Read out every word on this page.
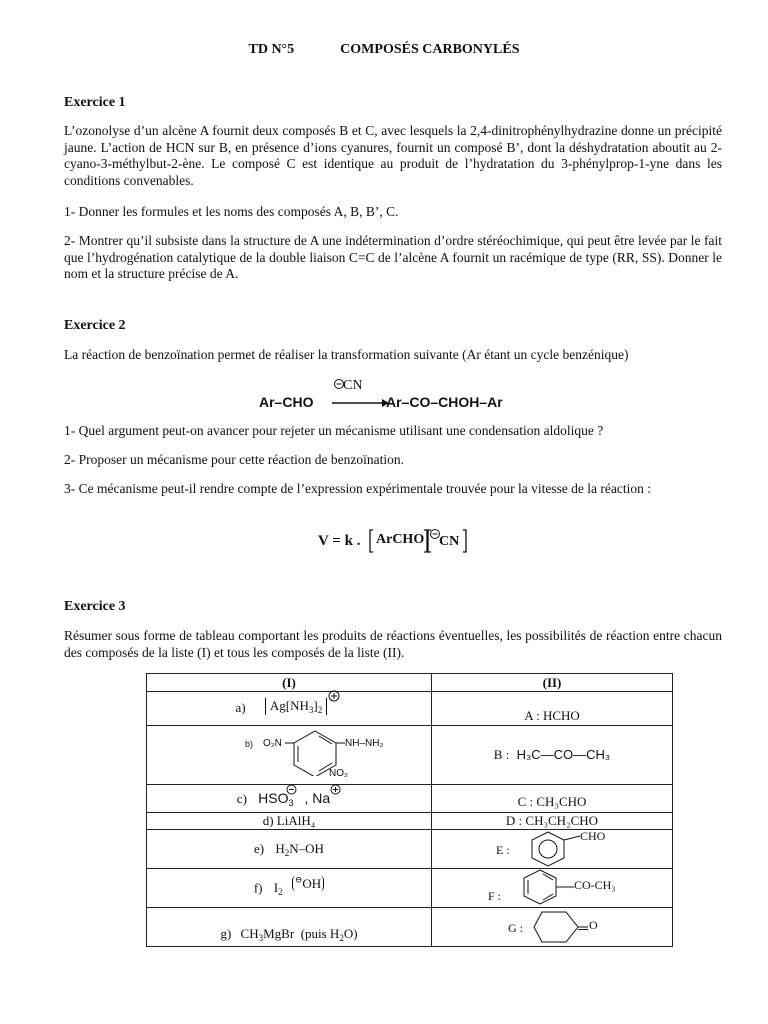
TD N°5	COMPOSÉS CARBONYLÉS
Exercice 1
L’ozonolyse d’un alcène A fournit deux composés B et C, avec lesquels la 2,4-dinitrophénylhydrazine donne un précipité jaune. L’action de HCN sur B, en présence d’ions cyanures, fournit un composé B’, dont la déshydratation aboutit au 2-cyano-3-méthylbut-2-ène. Le composé C est identique au produit de l’hydratation du 3-phénylprop-1-yne dans les conditions convenables.
1- Donner les formules et les noms des composés A, B, B’, C.
2- Montrer qu’il subsiste dans la structure de A une indétermination d’ordre stéréochimique, qui peut être levée par le fait que l’hydrogénation catalytique de la double liaison C=C de l’alcène A fournit un racémique de type (RR, SS). Donner le nom et la structure précise de A.
Exercice 2
La réaction de benzoïnation permet de réaliser la transformation suivante (Ar étant un cycle benzénique)
Ar–CHO
CN
Ar–CO–CHOH–Ar
1- Quel argument peut-on avancer pour rejeter un mécanisme utilisant une condensation aldolique ?
2- Proposer un mécanisme pour cette réaction de benzoïnation.
3- Ce mécanisme peut-il rendre compte de l’expression expérimentale trouvée pour la vitesse de la réaction :
V = k . ArCHO CN
Exercice 3
Résumer sous forme de tableau comportant les produits de réactions éventuelles, les possibilités de réaction entre chacun des composés de la liste (I) et tous les composés de la liste (II).
(I)	(II)
a) $Ag[NH_3]_2$	A : HCHO

b) O₂N NH–NH₂
NO₂	B : H₃C—CO—CH₃
c) $HSO_3$ , Na	C : CH₃CHO

d) LiAlH₄	D : CH₃CH₂CHO
e) $H_2N-OH$	E :
CHO

f) $I_2$ ⊖OH	F :
CO-CH₃

g) $CH_3MgBr$  (puis $H_2O$)	G : O
